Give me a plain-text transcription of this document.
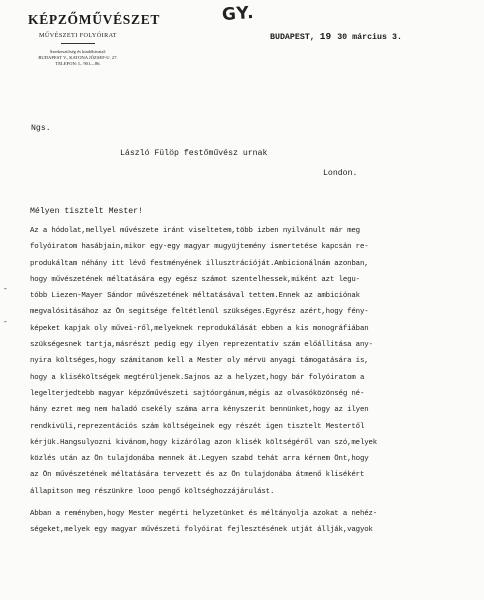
KÉPZŐMŰVÉSZET
MŰVÉSZETI FOLYÓIRAT
Szerkesztőség és kiadóhivatal:
BUDAPEST V., KATONA JÓZSEF-U. 27.
TELEFON: L. 901—86.
GY.
BUDAPEST, 19 30 március 3.
Ngs.
László Fülöp festőművész urnak
London.
Mélyen tisztelt Mester!
-
-
Az a hódolat,mellyel művészete iránt viseltetem,több izben nyilvánult már meg
folyóiratom hasábjain,mikor egy-egy magyar mugyüjtemény ismertetése kapcsán re-
produkáltam néhány itt lévő festményének illusztrációját.Ambicionálnám azonban,
hogy művészetének méltatására egy egész számot szentelhessek,miként azt legu-
tóbb Liezen-Mayer Sándor művészetének méltatásával tettem.Ennek az ambiciónak
megvalósitásához az Ön segitsége feltétlenül szükséges.Egyrész azért,hogy fény-
képeket kapjak oly művei-ről,melyeknek reprodukálását ebben a kis monográfiában
szükségesnek tartja,másrészt pedig egy ilyen reprezentativ szám előállitása any-
nyira költséges,hogy számitanom kell a Mester oly mérvü anyagi támogatására is,
hogy a kliséköltségek megtérüljenek.Sajnos az a helyzet,hogy bár folyóiratom a
legelterjedtebb magyar képzőművészeti sajtóorgánum,mégis az olvasóközönség né-
hány ezret meg nem haladó csekély száma arra kényszerit bennünket,hogy az ilyen
rendkivüli,reprezentációs szám költségeinek egy részét igen tisztelt Mestertől
kérjük.Hangsulyozni kivánom,hogy kizárólag azon klisék költségéről van szó,melyek
közlés után az Ön tulajdonába mennek át.Legyen szabd tehát arra kérnem Önt,hogy
az Ön művészetének méltatására tervezett és az Ön tulajdonába átmenő klisékért
állapitson meg részünkre looo pengő költséghozzájárulást.
Abban a reményben,hogy Mester megérti helyzetünket és méltányolja azokat a nehéz-
ségeket,melyek egy magyar művészeti folyóirat fejlesztésének utját állják,vagyok
